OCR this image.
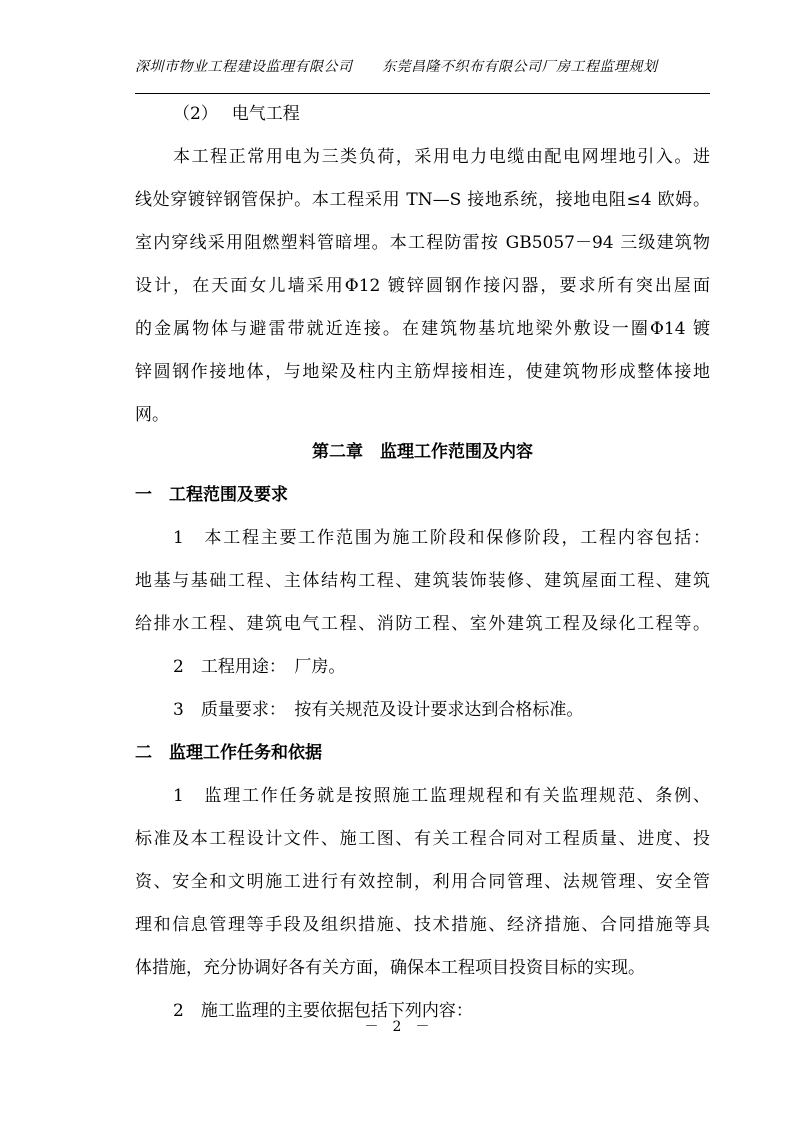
深圳市物业工程建设监理有限公司 东莞昌隆不织布有限公司厂房工程监理规划
（2）　 电气工程
本工程正常用电为三类负荷，采用电力电缆由配电网埋地引入。进
线处穿镀锌钢管保护。本工程采用 TN—S 接地系统，接地电阻≤4 欧姆。
室内穿线采用阻燃塑料管暗埋。本工程防雷按 GB5057－94 三级建筑物
设计，在天面女儿墙采用Φ12 镀锌圆钢作接闪器，要求所有突出屋面
的金属物体与避雷带就近连接。在建筑物基坑地梁外敷设一圈Φ14 镀
锌圆钢作接地体，与地梁及柱内主筋焊接相连，使建筑物形成整体接地
网。
第二章　监理工作范围及内容
一　工程范围及要求
1　本工程主要工作范围为施工阶段和保修阶段，工程内容包括：
地基与基础工程、主体结构工程、建筑装饰装修、建筑屋面工程、建筑
给排水工程、建筑电气工程、消防工程、室外建筑工程及绿化工程等。
2　工程用途：　厂房。
3　质量要求：　按有关规范及设计要求达到合格标准。
二　监理工作任务和依据
1　监理工作任务就是按照施工监理规程和有关监理规范、条例、
标准及本工程设计文件、施工图、有关工程合同对工程质量、进度、投
资、安全和文明施工进行有效控制，利用合同管理、法规管理、安全管
理和信息管理等手段及组织措施、技术措施、经济措施、合同措施等具
体措施，充分协调好各有关方面，确保本工程项目投资目标的实现。
2　施工监理的主要依据包括下列内容：
－　2　－
